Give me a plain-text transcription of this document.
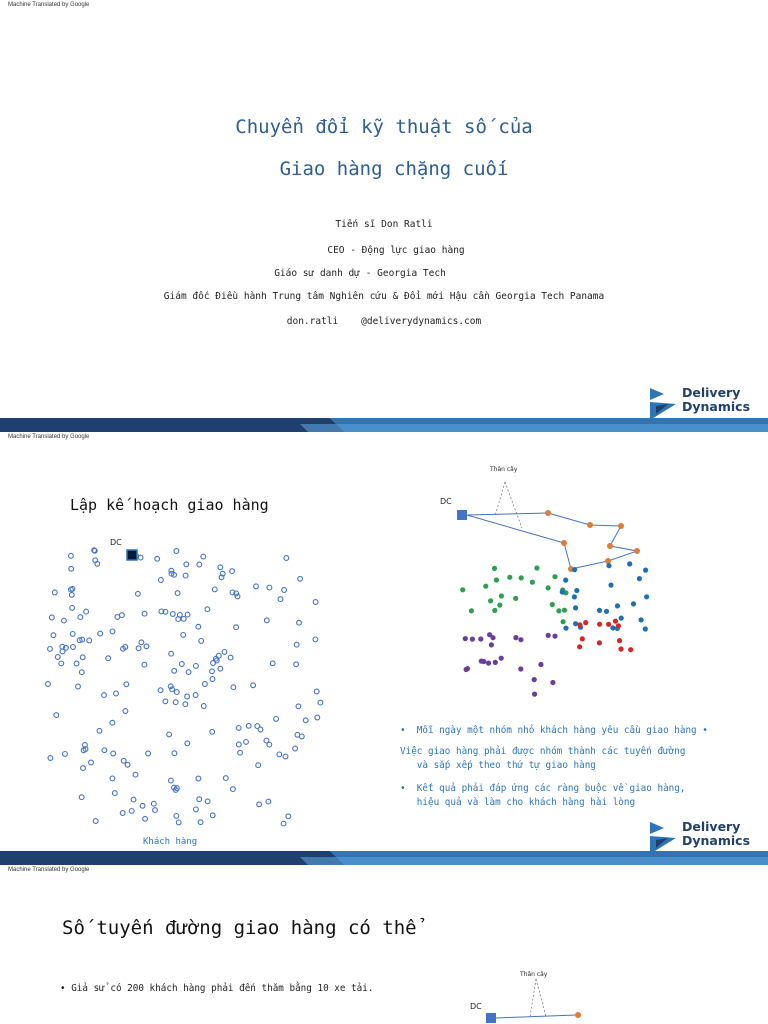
Machine Translated by Google
Chuyển đổi kỹ thuật số của
Giao hàng chặng cuối
Tiến sĩ Don Ratli
CEO - Động lực giao hàng
Giáo sư danh dự - Georgia Tech
Giám đốc Điều hành Trung tâm Nghiên cứu & Đổi mới Hậu cần Georgia Tech Panama
don.ratli @deliverydynamics.com
Delivery
Dynamics
Machine Translated by Google
Lập kế hoạch giao hàng
DC
Khách hàng
Thân cây
DC
•  Mỗi ngày một nhóm nhỏ khách hàng yêu cầu giao hàng •
Việc giao hàng phải được nhóm thành các tuyến đường
và sắp xếp theo thứ tự giao hàng
•  Kết quả phải đáp ứng các ràng buộc về giao hàng,
hiệu quả và làm cho khách hàng hài lòng
Delivery
Dynamics
Machine Translated by Google
Số tuyến đường giao hàng có thể
• Giả sử có 200 khách hàng phải đến thăm bằng 10 xe tải.
Thân cây
DC
